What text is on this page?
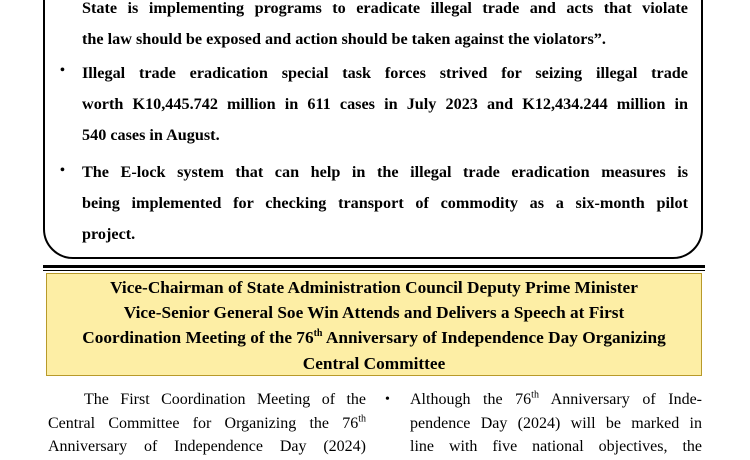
State is implementing programs to eradicate illegal trade and acts that violate
the law should be exposed and action should be taken against the violators”.
• Illegal trade eradication special task forces strived for seizing illegal trade
worth K10,445.742 million in 611 cases in July 2023 and K12,434.244 million in
540 cases in August.
• The E-lock system that can help in the illegal trade eradication measures is
being implemented for checking transport of commodity as a six-month pilot
project.
Vice-Chairman of State Administration Council Deputy Prime Minister
Vice-Senior General Soe Win Attends and Delivers a Speech at First
Coordination Meeting of the 76th Anniversary of Independence Day Organizing
Central Committee
The First Coordination Meeting of the
Central Committee for Organizing the 76th
Anniversary of Independence Day (2024)
• Although the 76th Anniversary of Inde-
pendence Day (2024) will be marked in
line with five national objectives, the
